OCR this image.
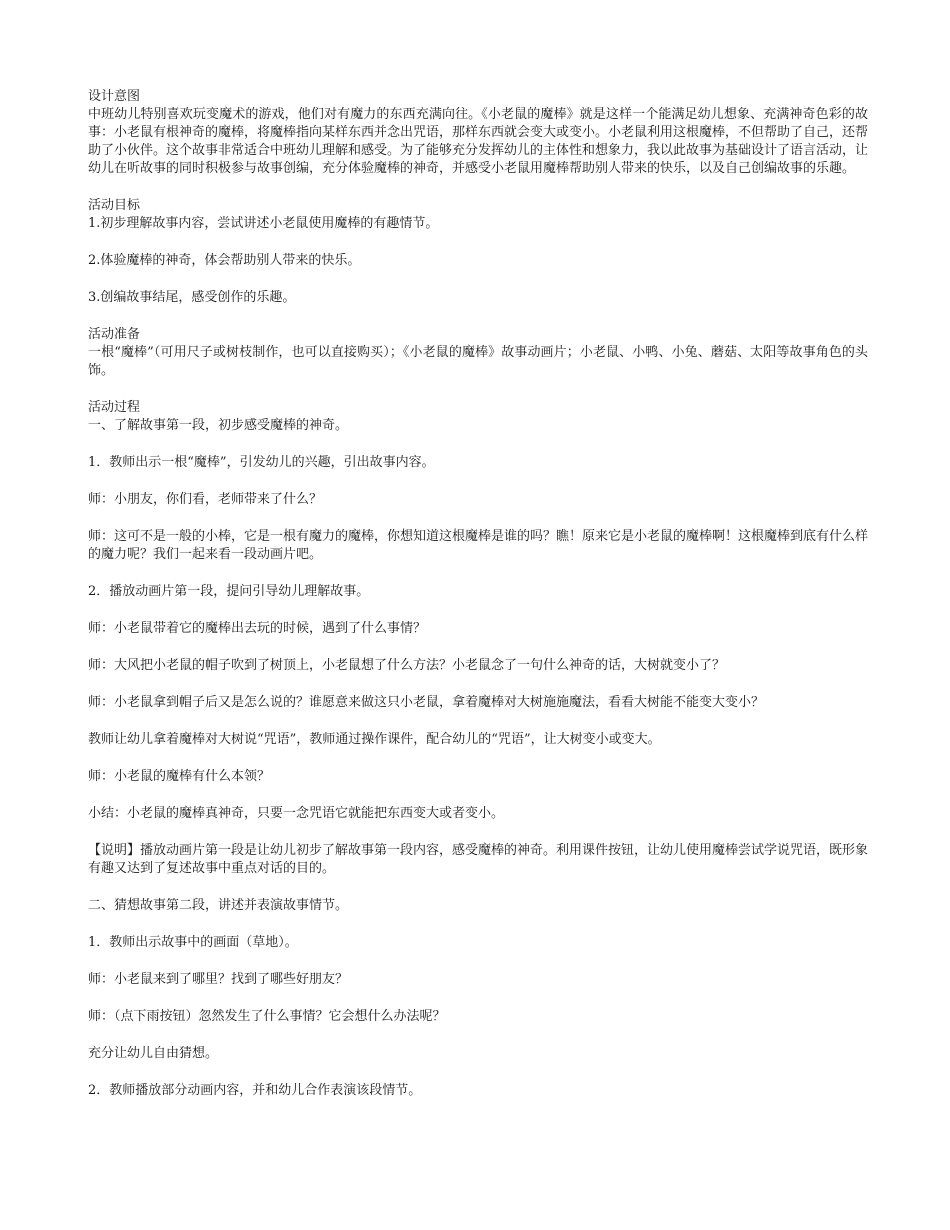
设计意图

中班幼儿特别喜欢玩变魔术的游戏，他们对有魔力的东西充满向往。《小老鼠的魔棒》就是这样一个能满足幼儿想象、充满神奇色彩的故事：小老鼠有根神奇的魔棒，将魔棒指向某样东西并念出咒语，那样东西就会变大或变小。小老鼠利用这根魔棒，不但帮助了自己，还帮助了小伙伴。这个故事非常适合中班幼儿理解和感受。为了能够充分发挥幼儿的主体性和想象力，我以此故事为基础设计了语言活动，让幼儿在听故事的同时积极参与故事创编，充分体验魔棒的神奇，并感受小老鼠用魔棒帮助别人带来的快乐，以及自己创编故事的乐趣。

活动目标

1.初步理解故事内容，尝试讲述小老鼠使用魔棒的有趣情节。

2.体验魔棒的神奇，体会帮助别人带来的快乐。

3.创编故事结尾，感受创作的乐趣。

活动准备

一根“魔棒”（可用尺子或树枝制作，也可以直接购买）；《小老鼠的魔棒》故事动画片；小老鼠、小鸭、小兔、蘑菇、太阳等故事角色的头饰。

活动过程

一、了解故事第一段，初步感受魔棒的神奇。

1．教师出示一根“魔棒”，引发幼儿的兴趣，引出故事内容。

师：小朋友，你们看，老师带来了什么？

师：这可不是一般的小棒，它是一根有魔力的魔棒，你想知道这根魔棒是谁的吗？瞧！原来它是小老鼠的魔棒啊！这根魔棒到底有什么样的魔力呢？我们一起来看一段动画片吧。

2．播放动画片第一段，提问引导幼儿理解故事。

师：小老鼠带着它的魔棒出去玩的时候，遇到了什么事情？

师：大风把小老鼠的帽子吹到了树顶上，小老鼠想了什么方法？小老鼠念了一句什么神奇的话，大树就变小了？

师：小老鼠拿到帽子后又是怎么说的？谁愿意来做这只小老鼠，拿着魔棒对大树施施魔法，看看大树能不能变大变小？

教师让幼儿拿着魔棒对大树说“咒语”，教师通过操作课件，配合幼儿的“咒语”，让大树变小或变大。

师：小老鼠的魔棒有什么本领？

小结：小老鼠的魔棒真神奇，只要一念咒语它就能把东西变大或者变小。

【说明】播放动画片第一段是让幼儿初步了解故事第一段内容，感受魔棒的神奇。利用课件按钮，让幼儿使用魔棒尝试学说咒语，既形象有趣又达到了复述故事中重点对话的目的。

二、猜想故事第二段，讲述并表演故事情节。

1．教师出示故事中的画面（草地）。

师：小老鼠来到了哪里？找到了哪些好朋友？

师：（点下雨按钮）忽然发生了什么事情？它会想什么办法呢？

充分让幼儿自由猜想。

2．教师播放部分动画内容，并和幼儿合作表演该段情节。
